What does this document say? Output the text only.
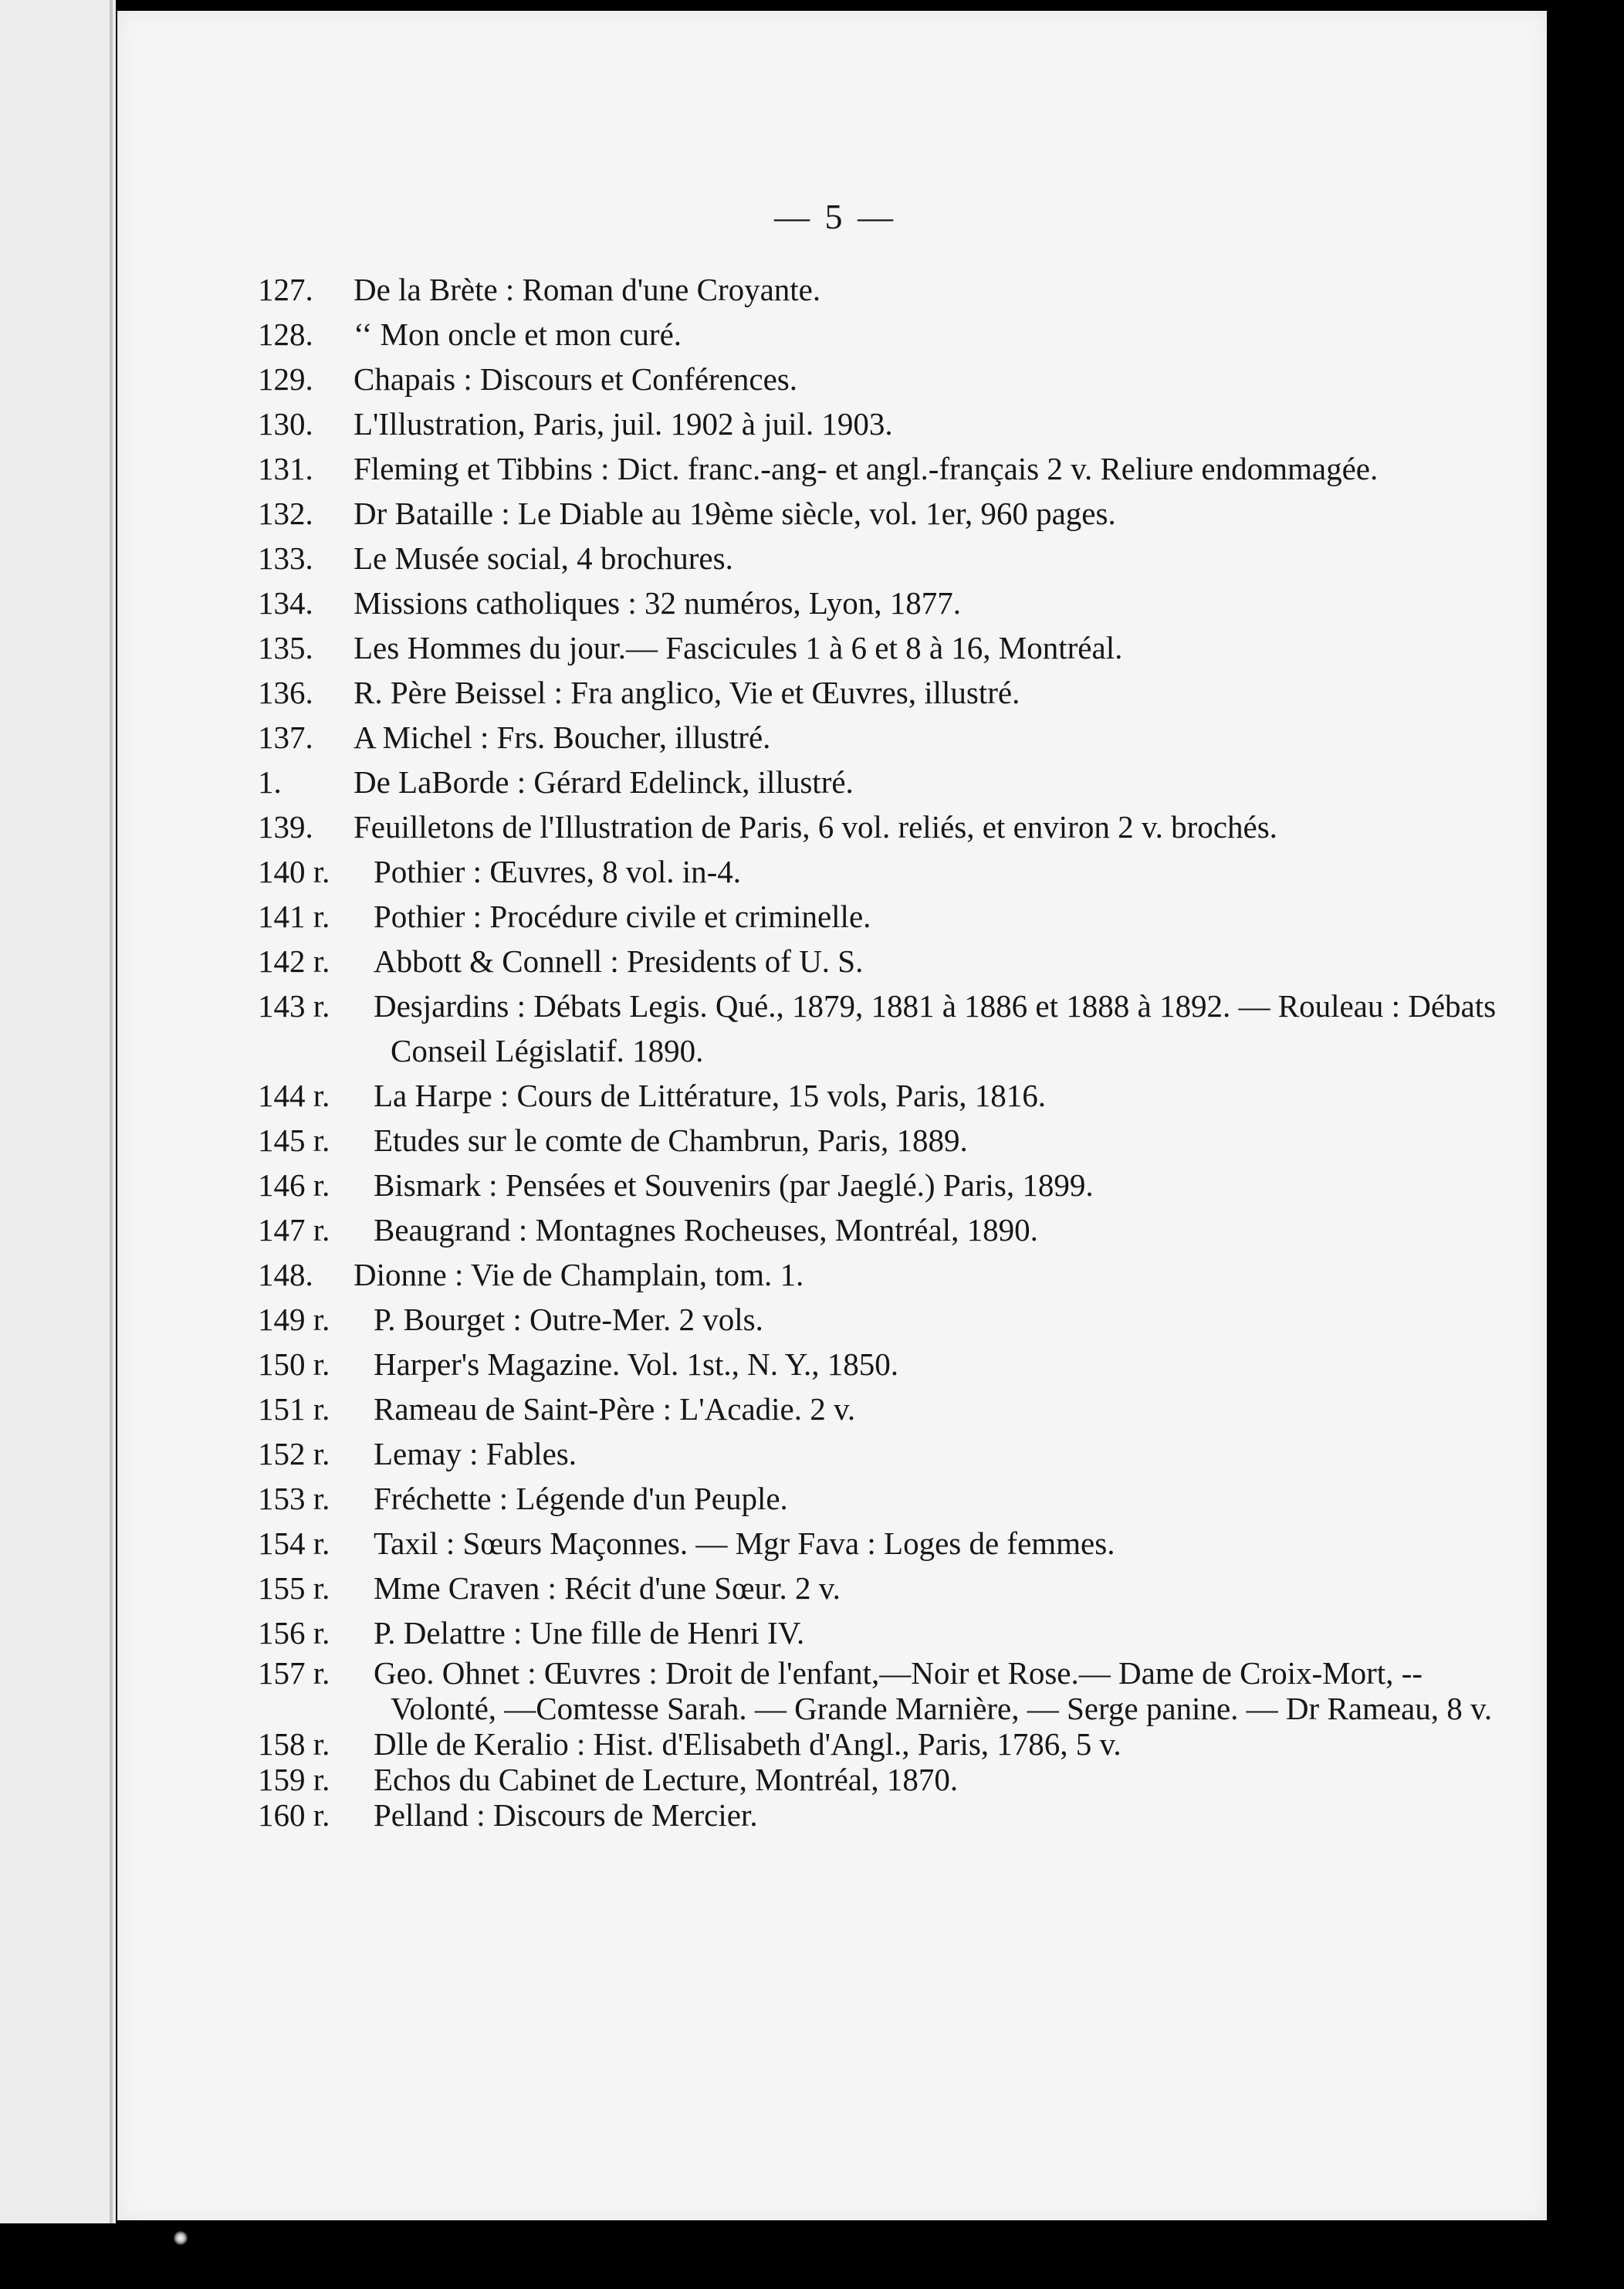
— 5 —
127.	De la Brète : Roman d'une Croyante.
128.	‘‘ Mon oncle et mon curé.
129.	Chapais : Discours et Conférences.
130.	L'Illustration, Paris, juil. 1902 à juil. 1903.
131.	Fleming et Tibbins : Dict. franc.-ang- et angl.-français 2 v. Reliure endommagée.
132.	Dr Bataille : Le Diable au 19ème siècle, vol. 1er, 960 pages.
133.	Le Musée social, 4 brochures.
134.	Missions catholiques : 32 numéros, Lyon, 1877.
135.	Les Hommes du jour.— Fascicules 1 à 6 et 8 à 16, Montréal.
136.	R. Père Beissel : Fra anglico, Vie et Œuvres, illustré.
137.	A Michel : Frs. Boucher, illustré.
1.	De LaBorde : Gérard Edelinck, illustré.
139.	Feuilletons de l'Illustration de Paris, 6 vol. reliés, et environ 2 v. brochés.
140 r.	Pothier : Œuvres, 8 vol. in-4.
141 r.	Pothier : Procédure civile et criminelle.
142 r.	Abbott & Connell : Presidents of U. S.
143 r.	Desjardins : Débats Legis. Qué., 1879, 1881 à 1886 et 1888 à 1892. — Rouleau : Débats Conseil Législatif. 1890.
144 r.	La Harpe : Cours de Littérature, 15 vols, Paris, 1816.
145 r.	Etudes sur le comte de Chambrun, Paris, 1889.
146 r.	Bismark : Pensées et Souvenirs (par Jaeglé.) Paris, 1899.
147 r.	Beaugrand : Montagnes Rocheuses, Montréal, 1890.
148.	Dionne : Vie de Champlain, tom. 1.
149 r.	P. Bourget : Outre-Mer. 2 vols.
150 r.	Harper's Magazine. Vol. 1st., N. Y., 1850.
151 r.	Rameau de Saint-Père : L'Acadie. 2 v.
152 r.	Lemay : Fables.
153 r.	Fréchette : Légende d'un Peuple.
154 r.	Taxil : Sœurs Maçonnes. — Mgr Fava : Loges de femmes.
155 r.	Mme Craven : Récit d'une Sœur. 2 v.
156 r.	P. Delattre : Une fille de Henri IV.
157 r.	Geo. Ohnet : Œuvres : Droit de l'enfant,—Noir et Rose.— Dame de Croix-Mort, -- Volonté, —Comtesse Sarah. — Grande Marnière, — Serge panine. — Dr Rameau, 8 v.
158 r.	Dlle de Keralio : Hist. d'Elisabeth d'Angl., Paris, 1786, 5 v.
159 r.	Echos du Cabinet de Lecture, Montréal, 1870.
160 r.	Pelland : Discours de Mercier.
